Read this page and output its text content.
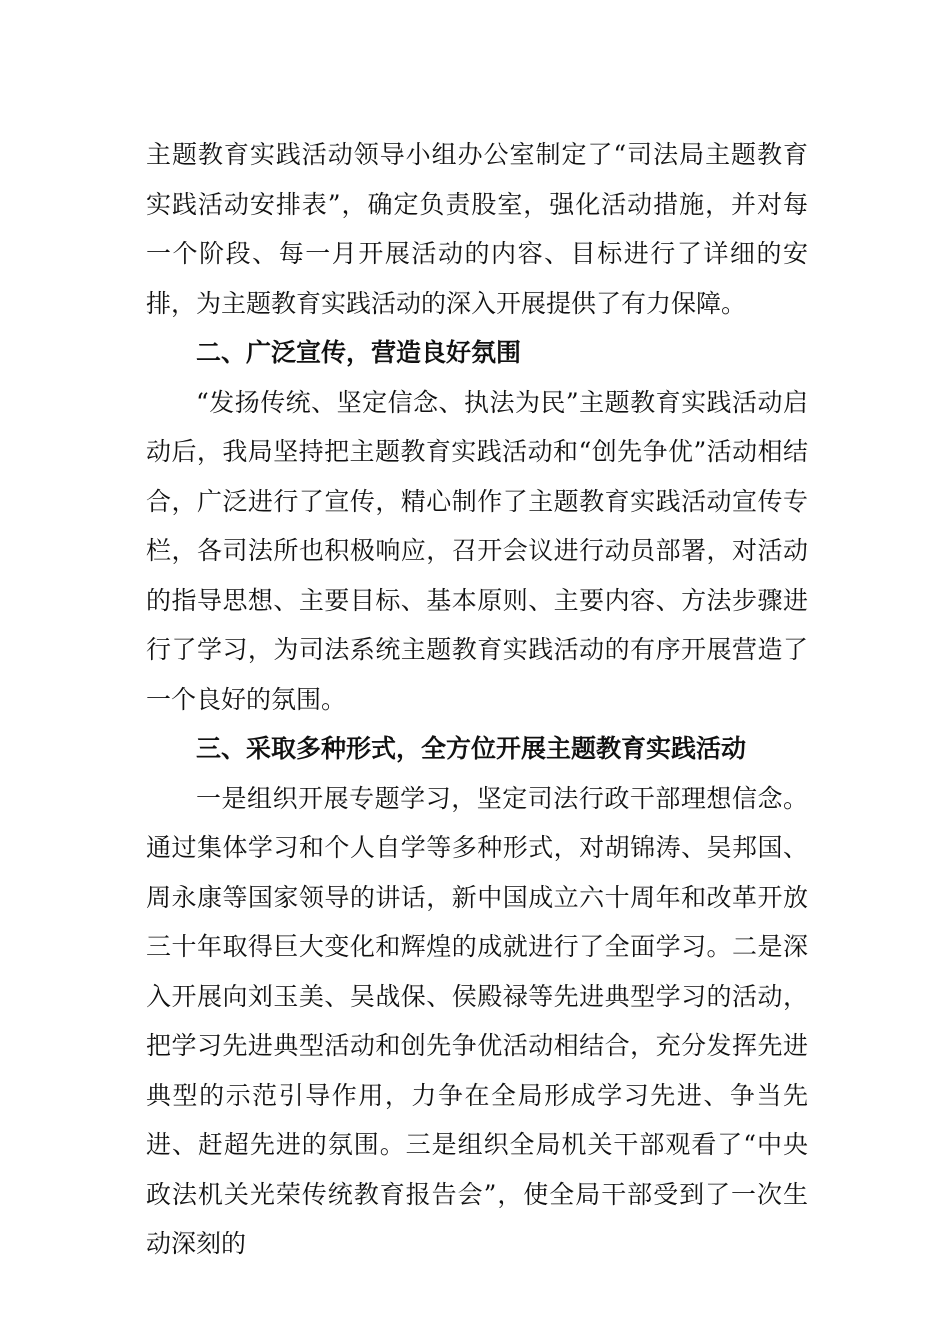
主题教育实践活动领导小组办公室制定了“司法局主题教育实践活动安排表”，确定负责股室，强化活动措施，并对每一个阶段、每一月开展活动的内容、目标进行了详细的安排，为主题教育实践活动的深入开展提供了有力保障。

二、广泛宣传，营造良好氛围

“发扬传统、坚定信念、执法为民”主题教育实践活动启动后，我局坚持把主题教育实践活动和“创先争优”活动相结合，广泛进行了宣传，精心制作了主题教育实践活动宣传专栏，各司法所也积极响应，召开会议进行动员部署，对活动的指导思想、主要目标、基本原则、主要内容、方法步骤进行了学习，为司法系统主题教育实践活动的有序开展营造了一个良好的氛围。

三、采取多种形式，全方位开展主题教育实践活动

一是组织开展专题学习，坚定司法行政干部理想信念。通过集体学习和个人自学等多种形式，对胡锦涛、吴邦国、周永康等国家领导的讲话，新中国成立六十周年和改革开放三十年取得巨大变化和辉煌的成就进行了全面学习。二是深入开展向刘玉美、吴战保、侯殿禄等先进典型学习的活动，把学习先进典型活动和创先争优活动相结合，充分发挥先进典型的示范引导作用，力争在全局形成学习先进、争当先进、赶超先进的氛围。三是组织全局机关干部观看了“中央政法机关光荣传统教育报告会”，使全局干部受到了一次生动深刻的
